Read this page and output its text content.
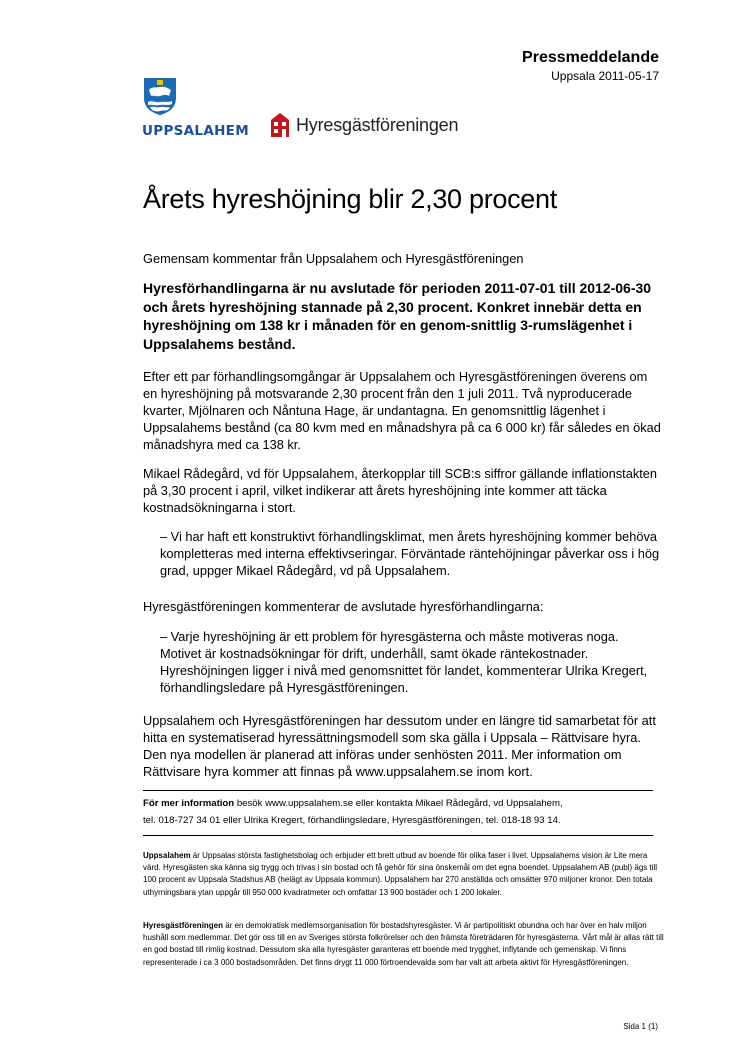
Pressmeddelande
Uppsala 2011-05-17
UPPSALAHEM	Hyresgästföreningen
Årets hyreshöjning blir 2,30 procent

Gemensam kommentar från Uppsalahem och Hyresgästföreningen

Hyresförhandlingarna är nu avslutade för perioden 2011-07-01 till 2012-06-30 och årets hyreshöjning stannade på 2,30 procent. Konkret innebär detta en hyreshöjning om 138 kr i månaden för en genom-snittlig 3-rumslägenhet i Uppsalahems bestånd.

Efter ett par förhandlingsomgångar är Uppsalahem och Hyresgästföreningen överens om en hyreshöjning på motsvarande 2,30 procent från den 1 juli 2011. Två nyproducerade kvarter, Mjölnaren och Nåntuna Hage, är undantagna. En genomsnittlig lägenhet i Uppsalahems bestånd (ca 80 kvm med en månadshyra på ca 6 000 kr) får således en ökad månadshyra med ca 138 kr.

Mikael Rådegård, vd för Uppsalahem, återkopplar till SCB:s siffror gällande inflationstakten på 3,30 procent i april, vilket indikerar att årets hyreshöjning inte kommer att täcka kostnadsökningarna i stort.

– Vi har haft ett konstruktivt förhandlingsklimat, men årets hyreshöjning kommer behöva kompletteras med interna effektivseringar. Förväntade räntehöjningar påverkar oss i hög grad, uppger Mikael Rådegård, vd på Uppsalahem.

Hyresgästföreningen kommenterar de avslutade hyresförhandlingarna:

– Varje hyreshöjning är ett problem för hyresgästerna och måste motiveras noga. Motivet är kostnadsökningar för drift, underhåll, samt ökade räntekostnader. Hyreshöjningen ligger i nivå med genomsnittet för landet, kommenterar Ulrika Kregert, förhandlingsledare på Hyresgästföreningen.

Uppsalahem och Hyresgästföreningen har dessutom under en längre tid samarbetat för att hitta en systematiserad hyressättningsmodell som ska gälla i Uppsala – Rättvisare hyra. Den nya modellen är planerad att införas under senhösten 2011. Mer information om Rättvisare hyra kommer att finnas på www.uppsalahem.se inom kort.

För mer information besök www.uppsalahem.se eller kontakta Mikael Rådegård, vd Uppsalahem,
tel. 018-727 34 01 eller Ulrika Kregert, förhandlingsledare, Hyresgästföreningen, tel. 018-18 93 14.

Uppsalahem är Uppsalas största fastighetsbolag och erbjuder ett brett utbud av boende för olika faser i livet. Uppsalahems vision är Lite mera värd. Hyresgästen ska känna sig trygg och trivas i sin bostad och få gehör för sina önskemål om det egna boendet. Uppsalahem AB (publ) ägs till 100 procent av Uppsala Stadshus AB (helägt av Uppsala kommun). Uppsalahem har 270 anställda och omsätter 970 miljoner kronor. Den totala uthyrningsbara ytan uppgår till 950 000 kvadratmeter och omfattar 13 900 bostäder och 1 200 lokaler.

Hyresgästföreningen är en demokratisk medlemsorganisation för bostadshyresgäster. Vi är partipolitiskt obundna och har över en halv miljon hushåll som medlemmar. Det gör oss till en av Sveriges största folkrörelser och den främsta företrädaren för hyresgästerna. Vårt mål är allas rätt till en god bostad till rimlig kostnad. Dessutom ska alla hyresgäster garanteras ett boende med trygghet, inflytande och gemenskap. Vi finns representerade i ca 3 000 bostadsområden. Det finns drygt 11 000 förtroendevalda som har valt att arbeta aktivt för Hyresgästföreningen.

Sida 1 (1)
